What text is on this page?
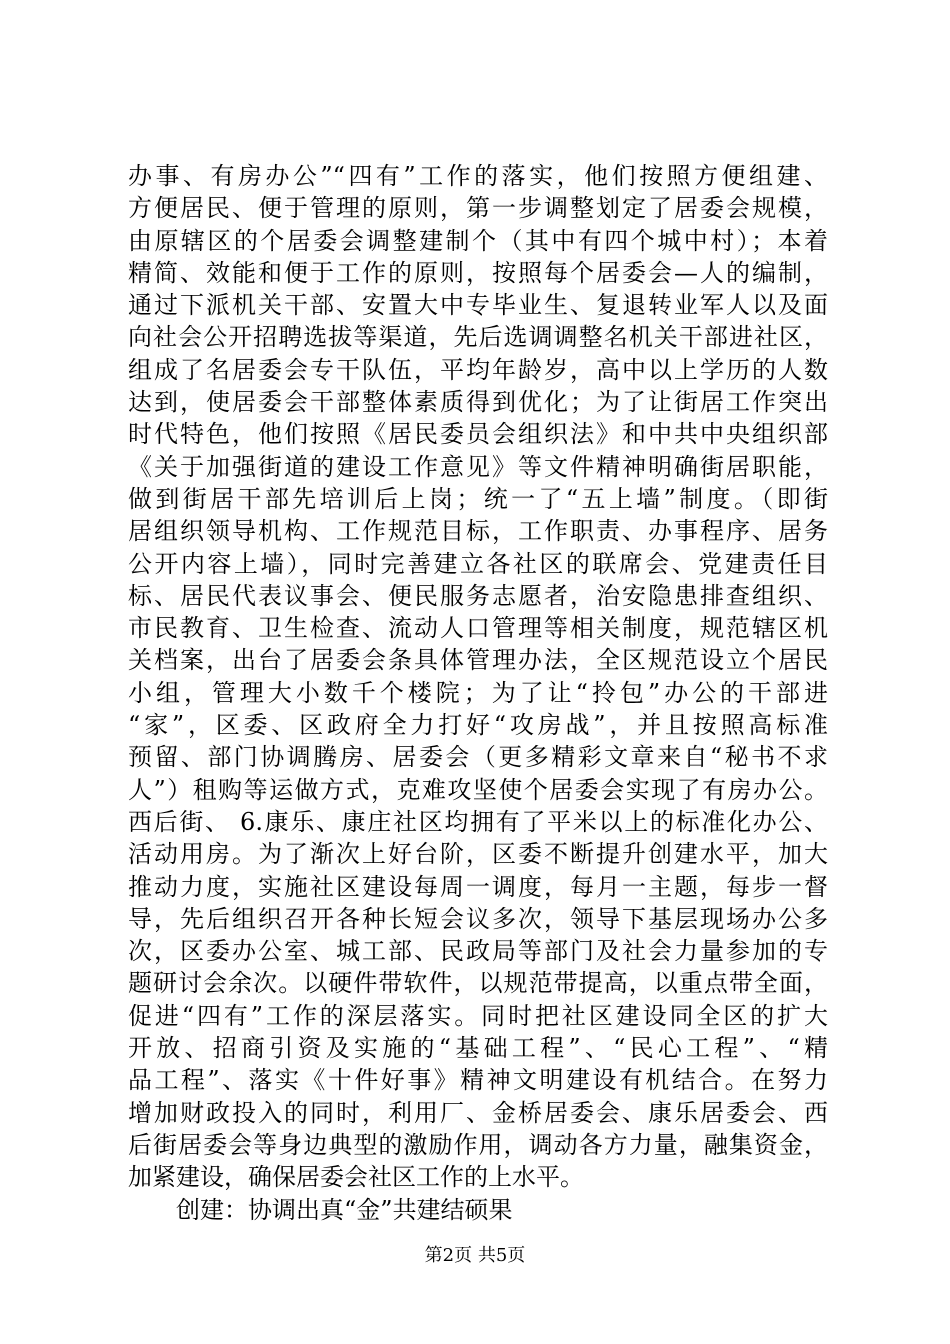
办事、有房办公”“四有”工作的落实，他们按照方便组建、
方便居民、便于管理的原则，第一步调整划定了居委会规模，
由原辖区的个居委会调整建制个（其中有四个城中村）；本着
精简、效能和便于工作的原则，按照每个居委会—人的编制，
通过下派机关干部、安置大中专毕业生、复退转业军人以及面
向社会公开招聘选拔等渠道，先后选调调整名机关干部进社区，
组成了名居委会专干队伍，平均年龄岁，高中以上学历的人数
达到，使居委会干部整体素质得到优化；为了让街居工作突出
时代特色，他们按照《居民委员会组织法》和中共中央组织部
《关于加强街道的建设工作意见》等文件精神明确街居职能，
做到街居干部先培训后上岗；统一了“五上墙”制度。（即街
居组织领导机构、工作规范目标，工作职责、办事程序、居务
公开内容上墙），同时完善建立各社区的联席会、党建责任目
标、居民代表议事会、便民服务志愿者，治安隐患排查组织、
市民教育、卫生检查、流动人口管理等相关制度，规范辖区机
关档案，出台了居委会条具体管理办法，全区规范设立个居民
小组，管理大小数千个楼院；为了让“拎包”办公的干部进
“家”，区委、区政府全力打好“攻房战”，并且按照高标准
预留、部门协调腾房、居委会（更多精彩文章来自“秘书不求
人”）租购等运做方式，克难攻坚使个居委会实现了有房办公。
西后街、 6.康乐、康庄社区均拥有了平米以上的标准化办公、
活动用房。为了渐次上好台阶，区委不断提升创建水平，加大
推动力度，实施社区建设每周一调度，每月一主题，每步一督
导，先后组织召开各种长短会议多次，领导下基层现场办公多
次，区委办公室、城工部、民政局等部门及社会力量参加的专
题研讨会余次。以硬件带软件，以规范带提高，以重点带全面，
促进“四有”工作的深层落实。同时把社区建设同全区的扩大
开放、招商引资及实施的“基础工程”、“民心工程”、“精
品工程”、落实《十件好事》精神文明建设有机结合。在努力
增加财政投入的同时，利用厂、金桥居委会、康乐居委会、西
后街居委会等身边典型的激励作用，调动各方力量，融集资金，
加紧建设，确保居委会社区工作的上水平。
创建：协调出真“金”共建结硕果
第2页 共5页
